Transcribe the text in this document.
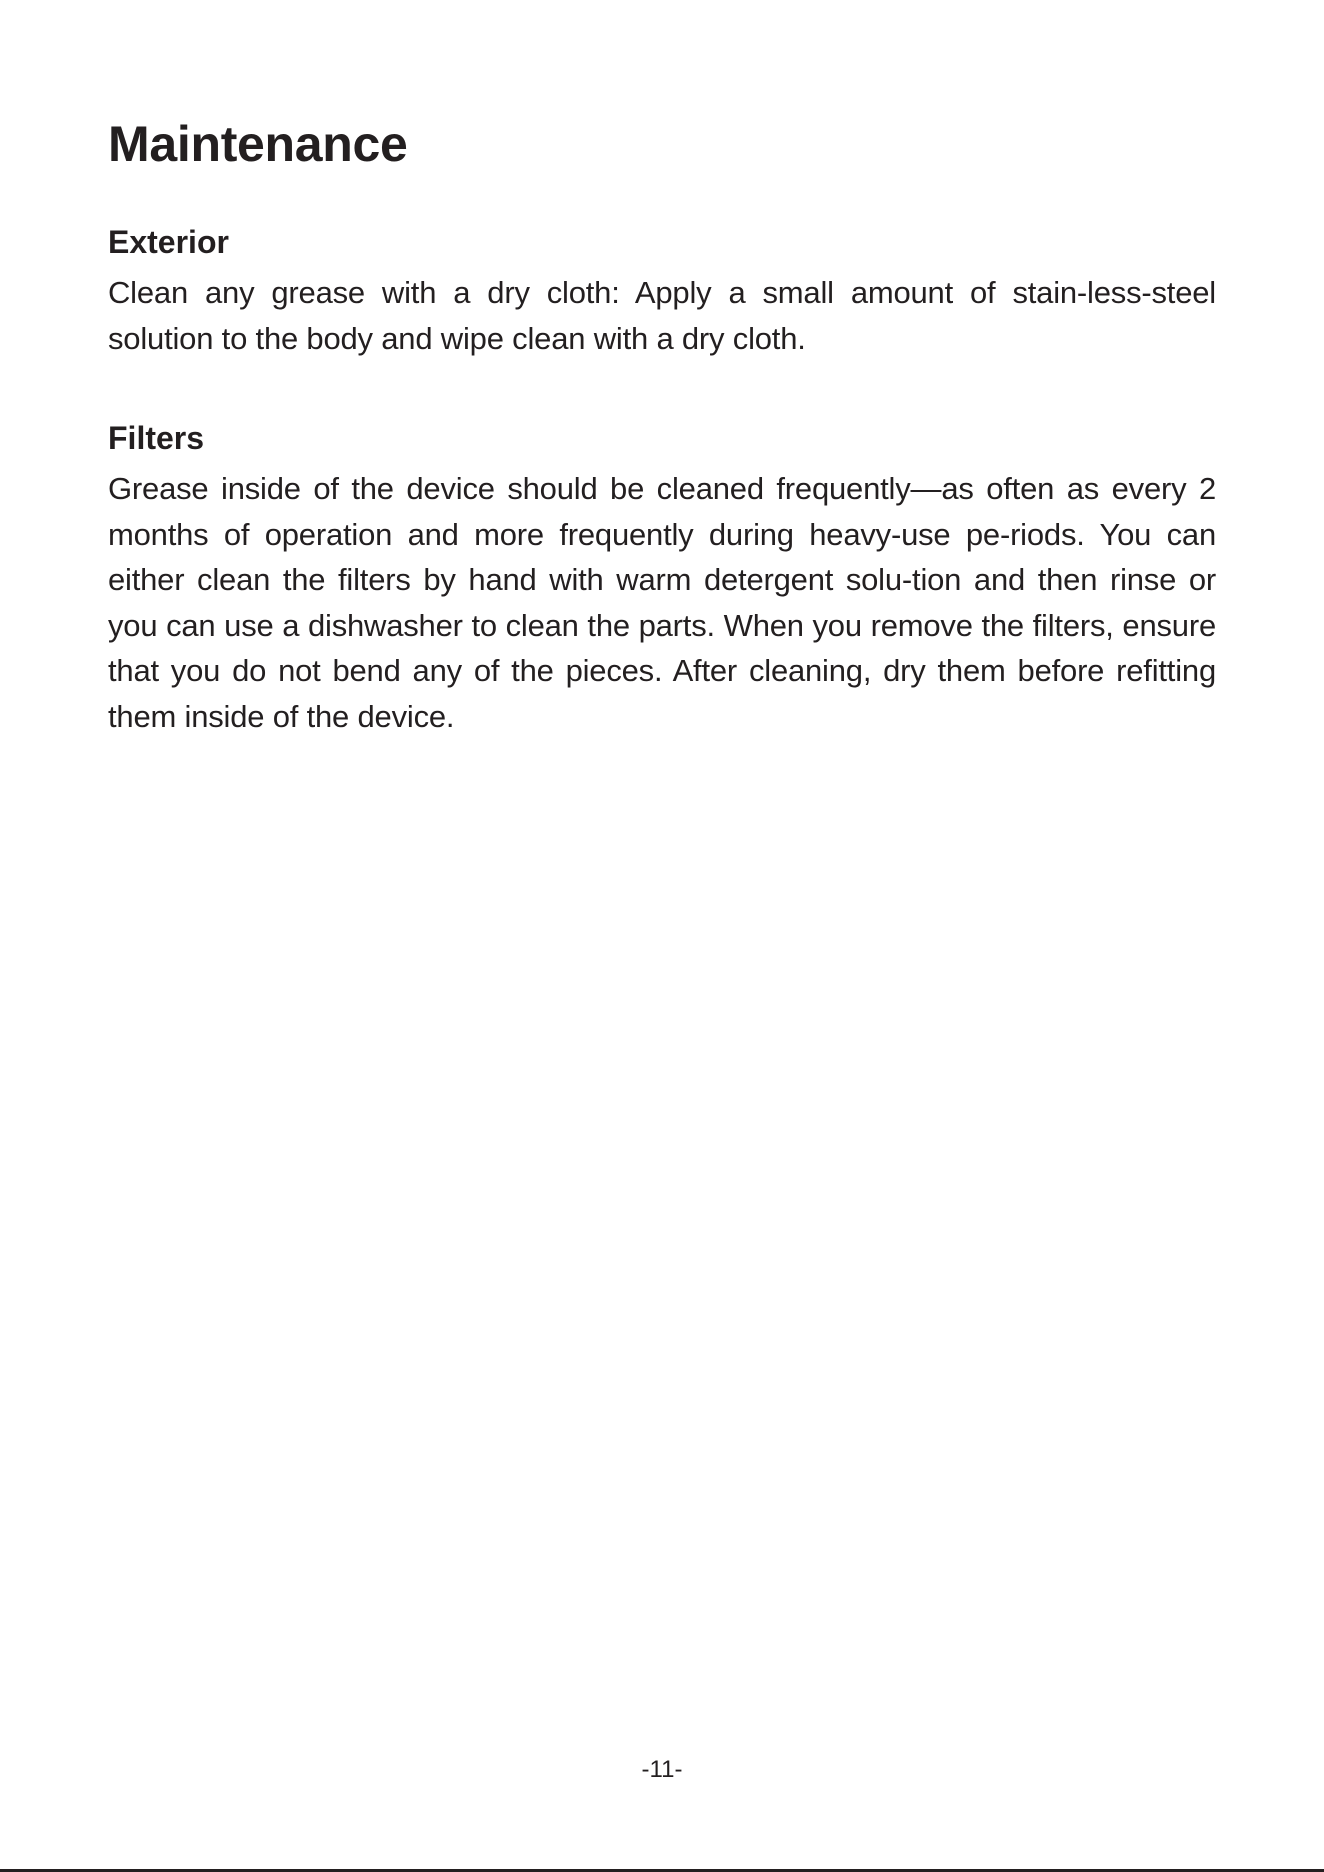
Maintenance
Exterior

Clean any grease with a dry cloth: Apply a small amount of stain-less-steel solution to the body and wipe clean with a dry cloth.

Filters

Grease inside of the device should be cleaned frequently—as often as every 2 months of operation and more frequently during heavy-use pe-riods. You can either clean the filters by hand with warm detergent solu-tion and then rinse or you can use a dishwasher to clean the parts. When you remove the filters, ensure that you do not bend any of the pieces. After cleaning, dry them before refitting them inside of the device.

-11-
